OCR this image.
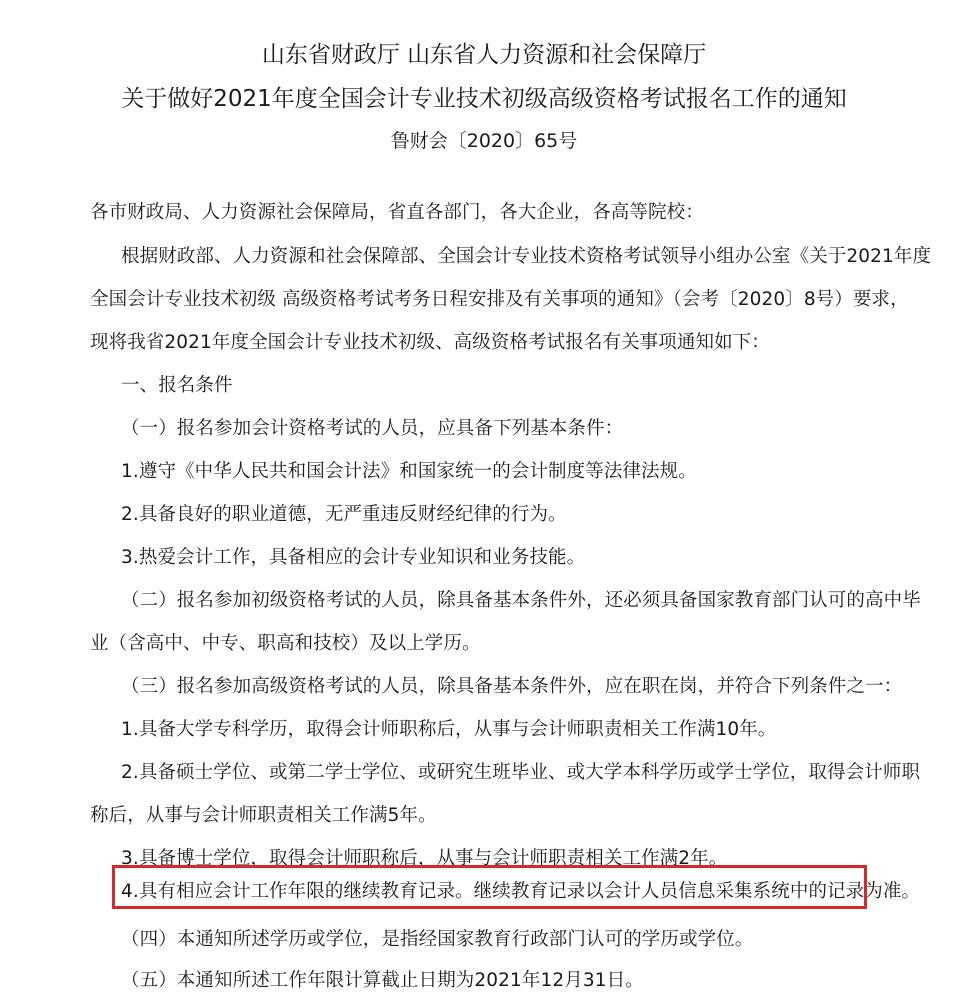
山东省财政厅 山东省人力资源和社会保障厅
关于做好2021年度全国会计专业技术初级高级资格考试报名工作的通知
鲁财会〔2020〕65号
各市财政局、人力资源社会保障局，省直各部门，各大企业，各高等院校：
根据财政部、人力资源和社会保障部、全国会计专业技术资格考试领导小组办公室《关于2021年度
全国会计专业技术初级 高级资格考试考务日程安排及有关事项的通知》（会考〔2020〕8号）要求，
现将我省2021年度全国会计专业技术初级、高级资格考试报名有关事项通知如下：
一、报名条件
（一）报名参加会计资格考试的人员，应具备下列基本条件：
1.遵守《中华人民共和国会计法》和国家统一的会计制度等法律法规。
2.具备良好的职业道德，无严重违反财经纪律的行为。
3.热爱会计工作，具备相应的会计专业知识和业务技能。
（二）报名参加初级资格考试的人员，除具备基本条件外，还必须具备国家教育部门认可的高中毕
业（含高中、中专、职高和技校）及以上学历。
（三）报名参加高级资格考试的人员，除具备基本条件外，应在职在岗，并符合下列条件之一：
1.具备大学专科学历，取得会计师职称后，从事与会计师职责相关工作满10年。
2.具备硕士学位、或第二学士学位、或研究生班毕业、或大学本科学历或学士学位，取得会计师职
称后，从事与会计师职责相关工作满5年。
3.具备博士学位，取得会计师职称后，从事与会计师职责相关工作满2年。
4.具有相应会计工作年限的继续教育记录。继续教育记录以会计人员信息采集系统中的记录为准。
（四）本通知所述学历或学位，是指经国家教育行政部门认可的学历或学位。
（五）本通知所述工作年限计算截止日期为2021年12月31日。
